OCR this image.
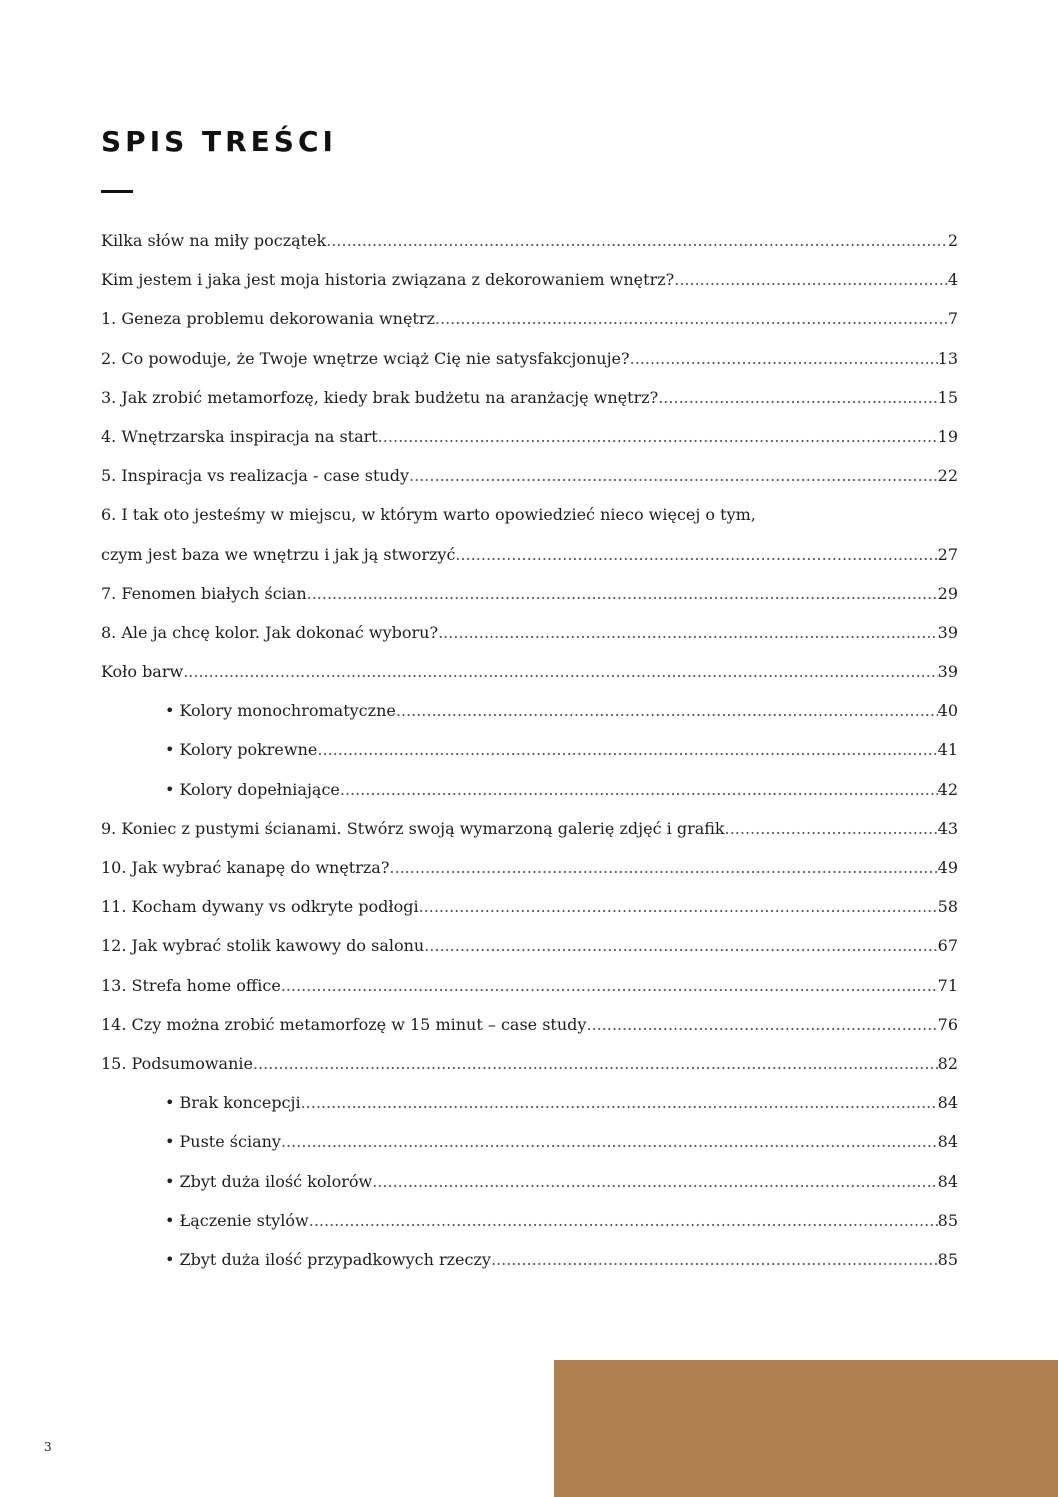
SPIS TREŚCI
Kilka słów na miły początek .....	2
Kim jestem i jaka jest moja historia związana z dekorowaniem wnętrz? .....	4
1. Geneza problemu dekorowania wnętrz .....	7
2. Co powoduje, że Twoje wnętrze wciąż Cię nie satysfakcjonuje? .....	13
3. Jak zrobić metamorfozę, kiedy brak budżetu na aranżację wnętrz? .....	15
4. Wnętrzarska inspiracja na start .....	19
5. Inspiracja vs realizacja - case study .....	22
6. I tak oto jesteśmy w miejscu, w którym warto opowiedzieć nieco więcej o tym,
czym jest baza we wnętrzu i jak ją stworzyć .....	27
7. Fenomen białych ścian .....	29
8. Ale ja chcę kolor. Jak dokonać wyboru? .....	39
Koło barw .....	39
• Kolory monochromatyczne .....	40
• Kolory pokrewne .....	41
• Kolory dopełniające .....	42
9. Koniec z pustymi ścianami. Stwórz swoją wymarzoną galerię zdjęć i grafik .....	43
10. Jak wybrać kanapę do wnętrza? .....	49
11. Kocham dywany vs odkryte podłogi .....	58
12. Jak wybrać stolik kawowy do salonu .....	67
13. Strefa home office .....	71
14. Czy można zrobić metamorfozę w 15 minut – case study .....	76
15. Podsumowanie .....	82
• Brak koncepcji .....	84
• Puste ściany .....	84
• Zbyt duża ilość kolorów .....	84
• Łączenie stylów .....	85
• Zbyt duża ilość przypadkowych rzeczy .....	85
3
